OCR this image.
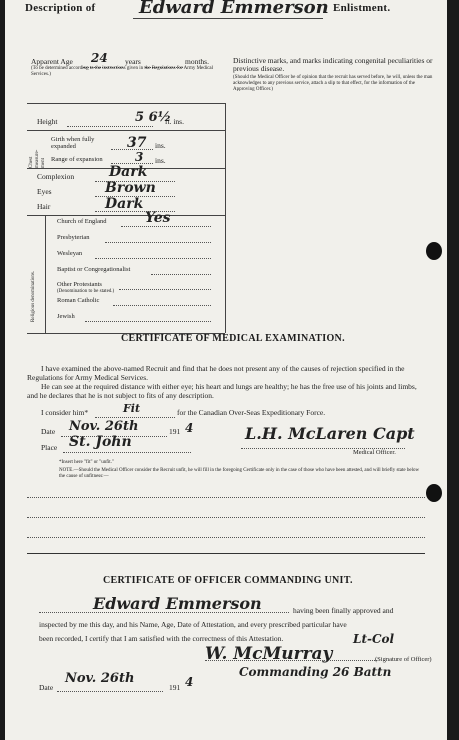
Description of Edward Emmerson Enlistment.
Apparent Age 24 years	months.
(To be determined according to the instructions given in the Regulations for Army Medical Services.)
Distinctive marks, and marks indicating congenital peculiarities or previous disease.
(Should the Medical Officer be of opinion that the recruit has served before, he will, unless the man acknowledges to any previous service, attach a slip to that effect, for the information of the Approving Officer.)
Height	5 6½
ft. ins.
Chest measure-ment
Girth when fully expanded	37 ins.
Range of expansion	3 ins.
Complexion Dark
Eyes	Brown
Hair	Dark
Religious denominations.
Church of England	Yes
Presbyterian
Wesleyan
Baptist or Congregationalist
Other Protestants
(Denomination to be stated.)
Roman Catholic
Jewish
CERTIFICATE OF MEDICAL EXAMINATION.
I have examined the above-named Recruit and find that he does not present any of the causes of rejection specified in the Regulations for Army Medical Services.
He can see at the required distance with either eye; his heart and lungs are healthy; he has the free use of his joints and limbs, and he declares that he is not subject to fits of any description.
I consider him*	Fit	for the Canadian Over-Seas Expeditionary Force.
Date Nov. 26th	191 4
Place St. John	L.H. McLaren Capt
Medical Officer.
*Insert here "fit" or "unfit."
NOTE.—Should the Medical Officer consider the Recruit unfit, he will fill in the foregoing Certificate only in the case of those who have been attested, and will briefly state below the cause of unfitness:—
CERTIFICATE OF OFFICER COMMANDING UNIT.
Edward Emmerson	having been finally approved and
inspected by me this day, and his Name, Age, Date of Attestation, and every prescribed particular have
been recorded, I certify that I am satisfied with the correctness of this Attestation.	Lt-Col
W. McMurray	(Signature of Officer)
Commanding 26 Battn
Date
Nov. 26th
191 4
